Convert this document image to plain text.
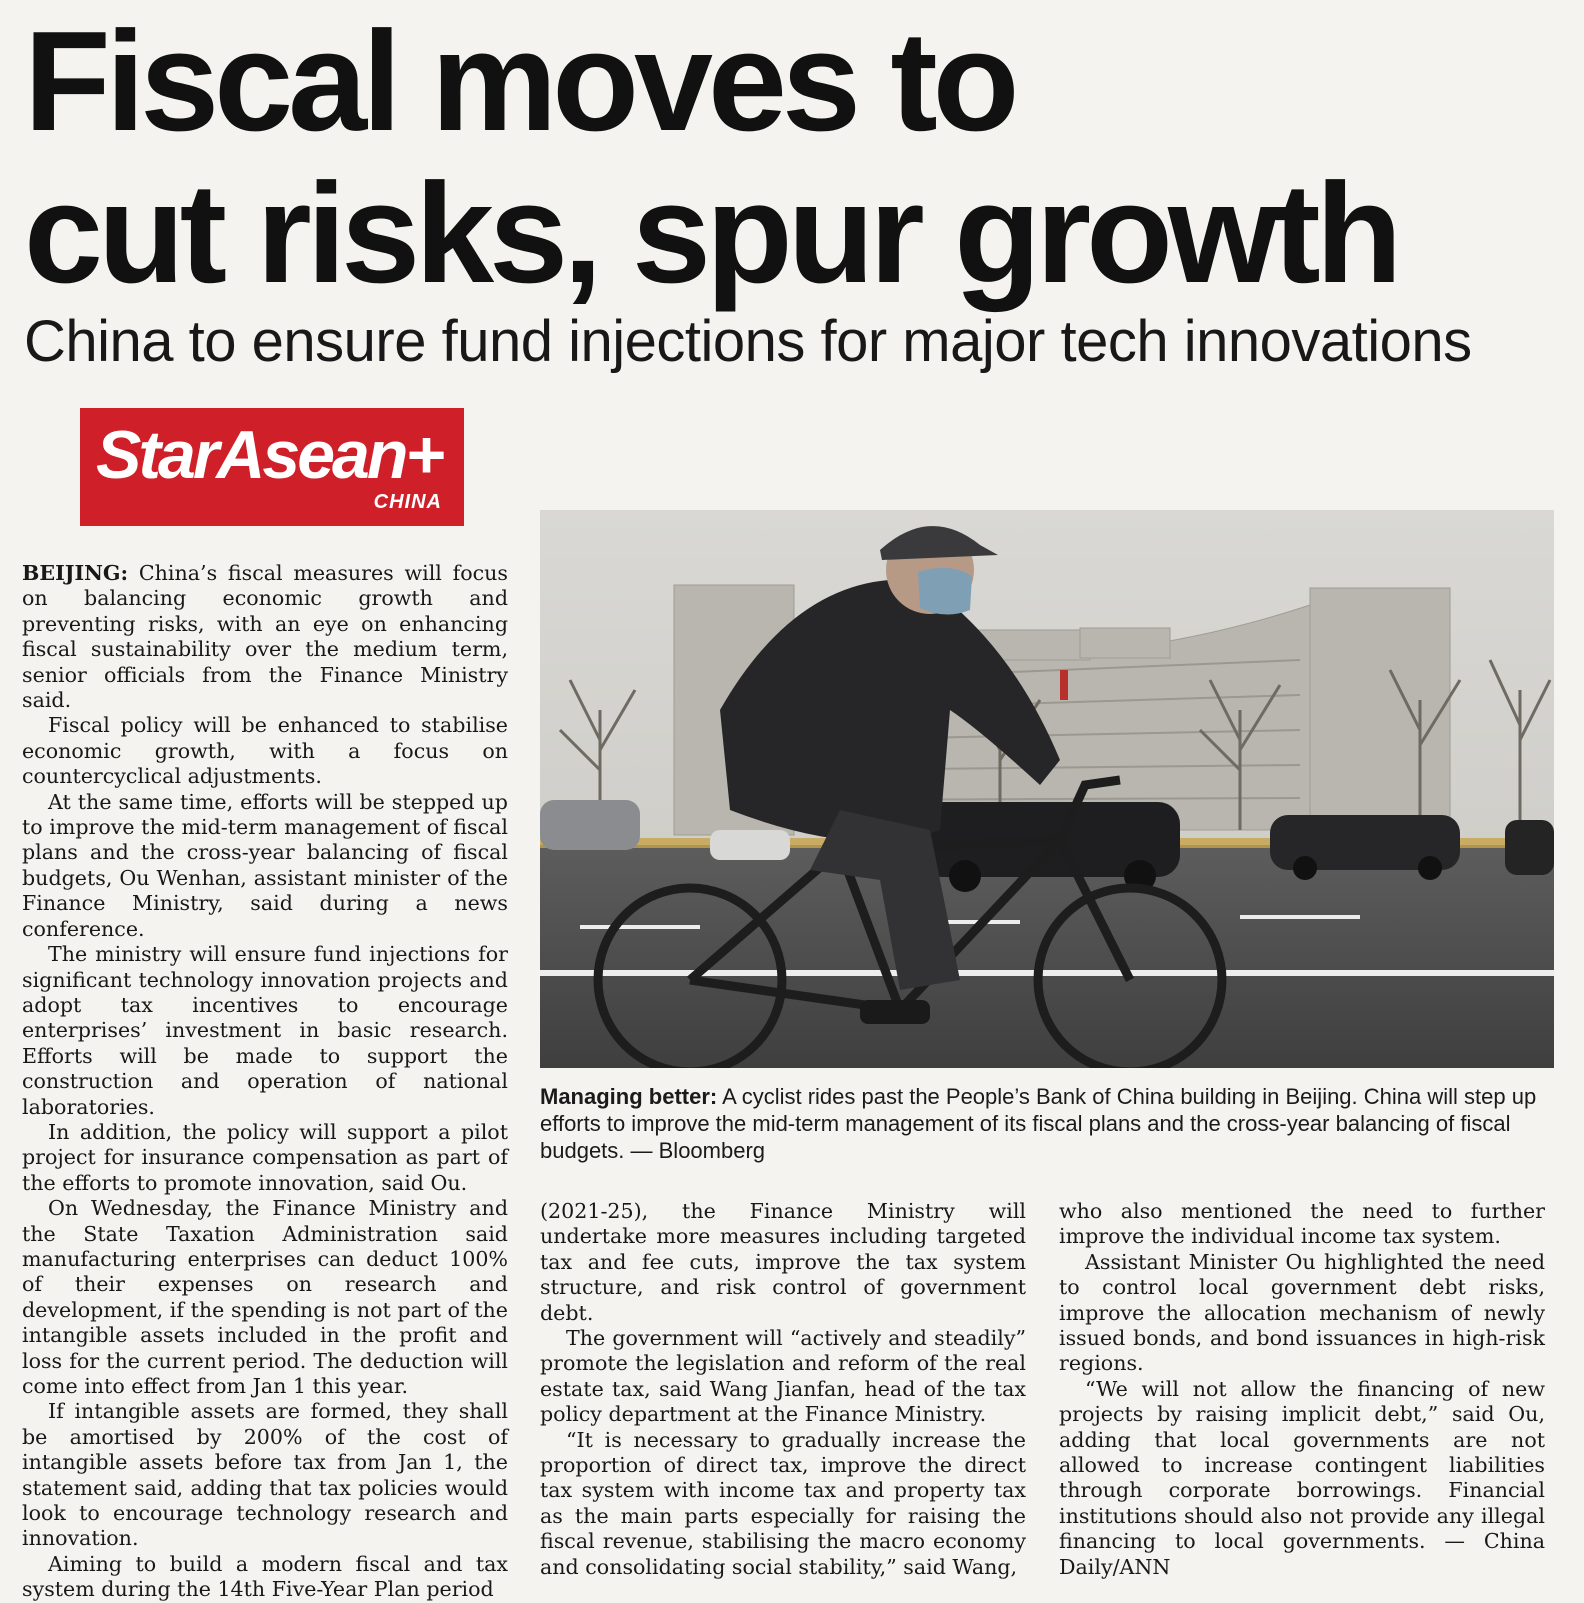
Fiscal moves to
cut risks, spur growth
China to ensure fund injections for major tech innovations
StarAsean+
CHINA

BEIJING: China’s fiscal measures will focus on balancing economic growth and preventing risks, with an eye on enhancing fiscal sustainability over the medium term, senior officials from the Finance Ministry said.

Fiscal policy will be enhanced to stabilise economic growth, with a focus on countercyclical adjustments.

At the same time, efforts will be stepped up to improve the mid-term management of fiscal plans and the cross-year balancing of fiscal budgets, Ou Wenhan, assistant minister of the Finance Ministry, said during a news conference.

The ministry will ensure fund injections for significant technology innovation projects and adopt tax incentives to encourage enterprises’ investment in basic research. Efforts will be made to support the construction and operation of national laboratories.

In addition, the policy will support a pilot project for insurance compensation as part of the efforts to promote innovation, said Ou.

On Wednesday, the Finance Ministry and the State Taxation Administration said manufacturing enterprises can deduct 100% of their expenses on research and development, if the spending is not part of the intangible assets included in the profit and loss for the current period. The deduction will come into effect from Jan 1 this year.

If intangible assets are formed, they shall be amortised by 200% of the cost of intangible assets before tax from Jan 1, the statement said, adding that tax policies would look to encourage technology research and innovation.

Aiming to build a modern fiscal and tax system during the 14th Five-Year Plan period

Managing better: A cyclist rides past the People’s Bank of China building in Beijing. China will step up efforts to improve the mid-term management of its fiscal plans and the cross-year balancing of fiscal budgets. — Bloomberg

(2021-25), the Finance Ministry will undertake more measures including targeted tax and fee cuts, improve the tax system structure, and risk control of government debt.

The government will “actively and steadily” promote the legislation and reform of the real estate tax, said Wang Jianfan, head of the tax policy department at the Finance Ministry.

“It is necessary to gradually increase the proportion of direct tax, improve the direct tax system with income tax and property tax as the main parts especially for raising the fiscal revenue, stabilising the macro economy and consolidating social stability,” said Wang,

who also mentioned the need to further improve the individual income tax system.

Assistant Minister Ou highlighted the need to control local government debt risks, improve the allocation mechanism of newly issued bonds, and bond issuances in high-risk regions.

“We will not allow the financing of new projects by raising implicit debt,” said Ou, adding that local governments are not allowed to increase contingent liabilities through corporate borrowings. Financial institutions should also not provide any illegal financing to local governments. — China Daily/ANN
